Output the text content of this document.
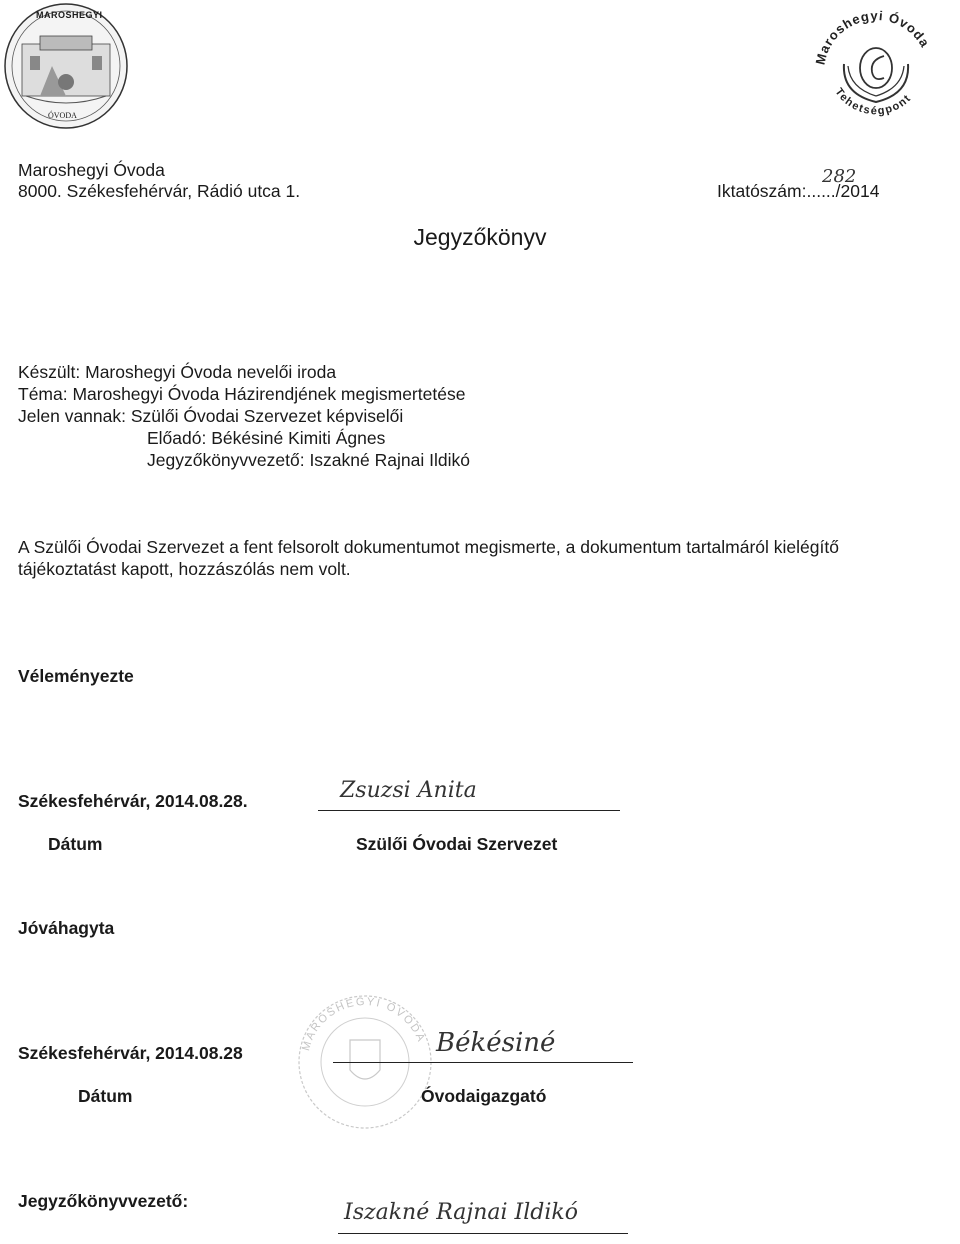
MAROSHEGYI
ÓVODA
Maroshegyi Óvoda
Tehetségpont
Maroshegyi Óvoda
8000. Székesfehérvár, Rádió utca 1.	Iktatószám:....../2014
282
Jegyzőkönyv
Készült: Maroshegyi Óvoda nevelői iroda
Téma: Maroshegyi Óvoda Házirendjének megismertetése
Jelen vannak: Szülői Óvodai Szervezet képviselői
Előadó: Békésiné Kimiti Ágnes
Jegyzőkönyvvezető: Iszakné Rajnai Ildikó
A Szülői Óvodai Szervezet a fent felsorolt dokumentumot megismerte, a dokumentum tartalmáról kielégítő
tájékoztatást kapott, hozzászólás nem volt.
Véleményezte
Székesfehérvár, 2014.08.28.	Zsuzsi Anita
Dátum	Szülői Óvodai Szervezet
Jóváhagyta
Székesfehérvár, 2014.08.28	MAROSHEGYI ÓVODA Békésiné
Dátum	Óvodaigazgató
Jegyzőkönyvvezető:	Iszakné Rajnai Ildikó
